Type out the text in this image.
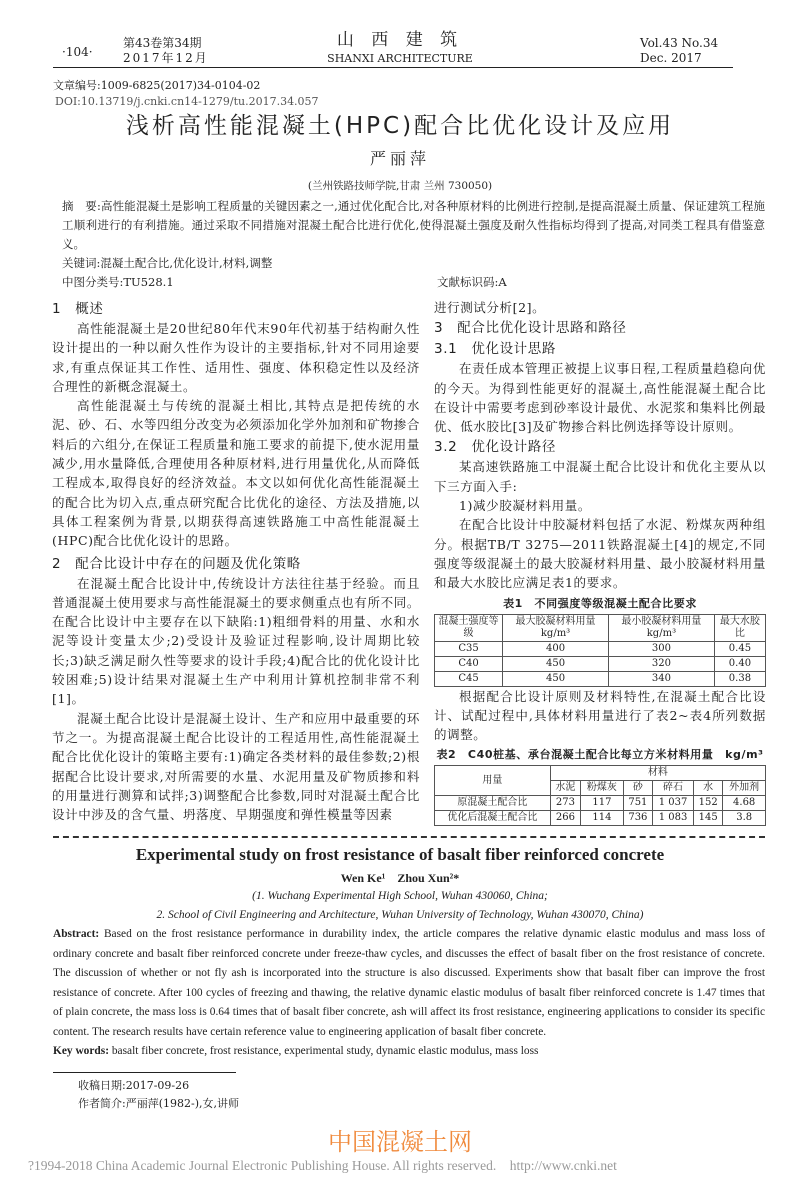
·104·
第43卷第34期
2017年12月
山 西 建 筑
SHANXI ARCHITECTURE
Vol.43 No.34
Dec. 2017
文章编号:1009-6825(2017)34-0104-02
DOI:10.13719/j.cnki.cn14-1279/tu.2017.34.057
浅析高性能混凝土(HPC)配合比优化设计及应用
严丽萍
(兰州铁路技师学院,甘肃 兰州 730050)
摘　要:高性能混凝土是影响工程质量的关键因素之一,通过优化配合比,对各种原材料的比例进行控制,是提高混凝土质量、保证建筑工程施工顺利进行的有利措施。通过采取不同措施对混凝土配合比进行优化,使得混凝土强度及耐久性指标均得到了提高,对同类工程具有借鉴意义。
关键词:混凝土配合比,优化设计,材料,调整
中图分类号:TU528.1	文献标识码:A
1　概述

高性能混凝土是20世纪80年代末90年代初基于结构耐久性设计提出的一种以耐久性作为设计的主要指标,针对不同用途要求,有重点保证其工作性、适用性、强度、体积稳定性以及经济合理性的新概念混凝土。

高性能混凝土与传统的混凝土相比,其特点是把传统的水泥、砂、石、水等四组分改变为必须添加化学外加剂和矿物掺合料后的六组分,在保证工程质量和施工要求的前提下,使水泥用量减少,用水量降低,合理使用各种原材料,进行用量优化,从而降低工程成本,取得良好的经济效益。本文以如何优化高性能混凝土的配合比为切入点,重点研究配合比优化的途径、方法及措施,以具体工程案例为背景,以期获得高速铁路施工中高性能混凝土(HPC)配合比优化设计的思路。

2　配合比设计中存在的问题及优化策略

在混凝土配合比设计中,传统设计方法往往基于经验。而且普通混凝土使用要求与高性能混凝土的要求侧重点也有所不同。在配合比设计中主要存在以下缺陷:1)粗细骨料的用量、水和水泥等设计变量太少;2)受设计及验证过程影响,设计周期比较长;3)缺乏满足耐久性等要求的设计手段;4)配合比的优化设计比较困难;5)设计结果对混凝土生产中利用计算机控制非常不利[1]。

混凝土配合比设计是混凝土设计、生产和应用中最重要的环节之一。为提高混凝土配合比设计的工程适用性,高性能混凝土配合比优化设计的策略主要有:1)确定各类材料的最佳参数;2)根据配合比设计要求,对所需要的水量、水泥用量及矿物质掺和料的用量进行测算和试拌;3)调整配合比参数,同时对混凝土配合比设计中涉及的含气量、坍落度、早期强度和弹性模量等因素

进行测试分析[2]。
3　配合比优化设计思路和路径
3.1　优化设计思路

在责任成本管理正被提上议事日程,工程质量趋稳向优的今天。为得到性能更好的混凝土,高性能混凝土配合比在设计中需要考虑到砂率设计最优、水泥浆和集料比例最优、低水胶比[3]及矿物掺合料比例选择等设计原则。

3.2　优化设计路径

某高速铁路施工中混凝土配合比设计和优化主要从以下三方面入手:

1)减少胶凝材料用量。

在配合比设计中胶凝材料包括了水泥、粉煤灰两种组分。根据TB/T 3275—2011铁路混凝土[4]的规定,不同强度等级混凝土的最大胶凝材料用量、最小胶凝材料用量和最大水胶比应满足表1的要求。

表1　不同强度等级混凝土配合比要求
混凝土强度等级	最大胶凝材料用量 kg/m³	最小胶凝材料用量 kg/m³	最大水胶比
C35	400	300	0.45
C40	450	320	0.40
C45	450	340	0.38

根据配合比设计原则及材料特性,在混凝土配合比设计、试配过程中,具体材料用量进行了表2~表4所列数据的调整。

表2　C40桩基、承台混凝土配合比每立方米材料用量　kg/m³
用量	材料					
	水泥	粉煤灰	砂	碎石	水	外加剂
原混凝土配合比	273	117	751	1 037	152	4.68
优化后混凝土配合比	266	114	736	1 083	145	3.8
Experimental study on frost resistance of basalt fiber reinforced concrete
Wen Ke¹　Zhou Xun²*
(1. Wuchang Experimental High School, Wuhan 430060, China;
2. School of Civil Engineering and Architecture, Wuhan University of Technology, Wuhan 430070, China)
Abstract: Based on the frost resistance performance in durability index, the article compares the relative dynamic elastic modulus and mass loss of ordinary concrete and basalt fiber reinforced concrete under freeze-thaw cycles, and discusses the effect of basalt fiber on the frost resistance of concrete. The discussion of whether or not fly ash is incorporated into the structure is also discussed. Experiments show that basalt fiber can improve the frost resistance of concrete. After 100 cycles of freezing and thawing, the relative dynamic elastic modulus of basalt fiber reinforced concrete is 1.47 times that of plain concrete, the mass loss is 0.64 times that of basalt fiber concrete, ash will affect its frost resistance, engineering applications to consider its specific content. The research results have certain reference value to engineering application of basalt fiber concrete.
Key words: basalt fiber concrete, frost resistance, experimental study, dynamic elastic modulus, mass loss
收稿日期:2017-09-26
作者简介:严丽萍(1982-),女,讲师
中国混凝土网
?1994-2018 China Academic Journal Electronic Publishing House. All rights reserved.　http://www.cnki.net
